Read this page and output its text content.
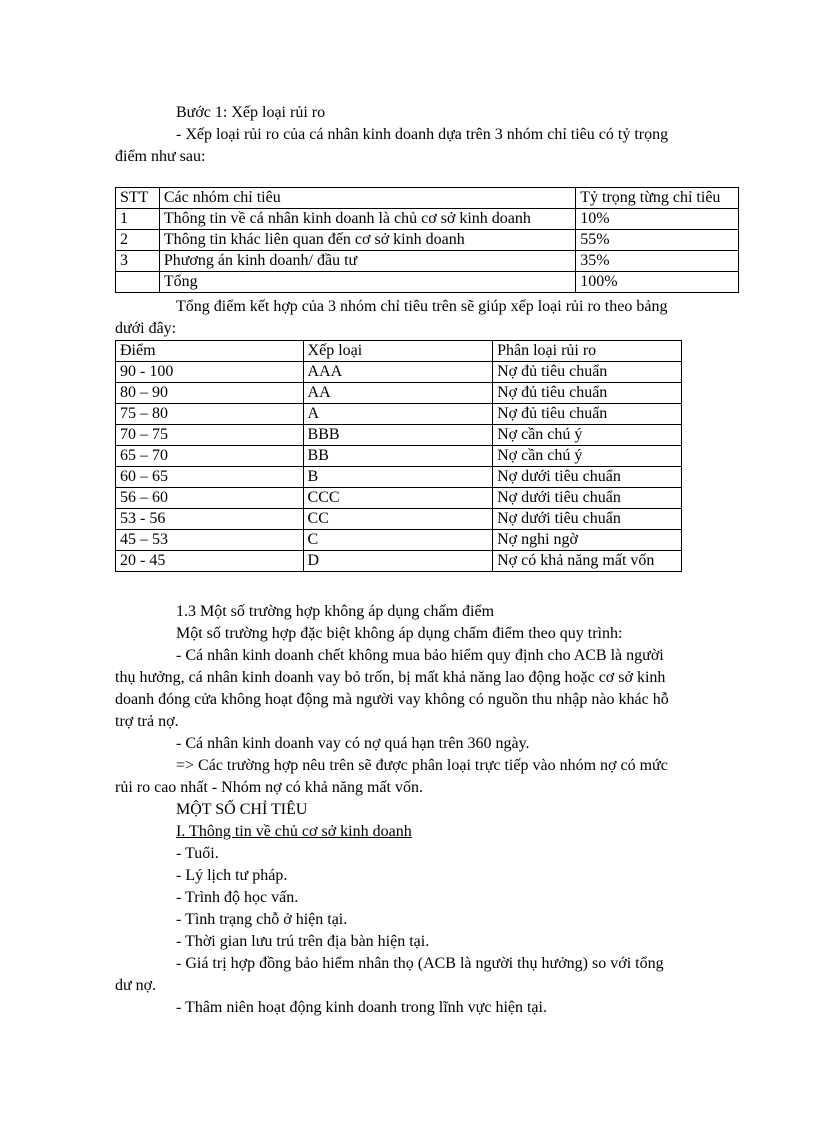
Bước 1: Xếp loại rủi ro

- Xếp loại rủi ro của cá nhân kinh doanh dựa trên 3 nhóm chỉ tiêu có tỷ trọng

điểm như sau:

STT	Các nhóm chỉ tiêu	Tỷ trọng từng chỉ tiêu
1	Thông tin về cá nhân kinh doanh là chủ cơ sở kinh doanh	10%
2	Thông tin khác liên quan đến cơ sở kinh doanh	55%
3	Phương án kinh doanh/ đầu tư	35%
	Tổng	100%

Tổng điểm kết hợp của 3 nhóm chỉ tiêu trên sẽ giúp xếp loại rủi ro theo bảng

dưới đây:

Điểm	Xếp loại	Phân loại rủi ro
90 - 100	AAA	Nợ đủ tiêu chuẩn
80 – 90	AA	Nợ đủ tiêu chuẩn
75 – 80	A	Nợ đủ tiêu chuẩn
70 – 75	BBB	Nợ cần chú ý
65 – 70	BB	Nợ cần chú ý
60 – 65	B	Nợ dưới tiêu chuẩn
56 – 60	CCC	Nợ dưới tiêu chuẩn
53 - 56	CC	Nợ dưới tiêu chuẩn
45 – 53	C	Nợ nghi ngờ
20 - 45	D	Nợ có khả năng mất vốn

1.3 Một số trường hợp không áp dụng chấm điểm

Một số trường hợp đặc biệt không áp dụng chấm điểm theo quy trình:

- Cá nhân kinh doanh chết không mua bảo hiểm quy định cho ACB là người

thụ hưởng, cá nhân kinh doanh vay bỏ trốn, bị mất khả năng lao động hoặc cơ sở kinh

doanh đóng cửa không hoạt động mà người vay không có nguồn thu nhập nào khác hỗ

trợ trả nợ.

- Cá nhân kinh doanh vay có nợ quá hạn trên 360 ngày.

=> Các trường hợp nêu trên sẽ được phân loại trực tiếp vào nhóm nợ có mức

rủi ro cao nhất - Nhóm nợ có khả năng mất vốn.

MỘT SỐ CHỈ TIÊU

I. Thông tin về chủ cơ sở kinh doanh

- Tuổi.

- Lý lịch tư pháp.

- Trình độ học vấn.

- Tình trạng chỗ ở hiện tại.

- Thời gian lưu trú trên địa bàn hiện tại.

- Giá trị hợp đồng bảo hiểm nhân thọ (ACB là người thụ hưởng) so với tổng

dư nợ.

- Thâm niên hoạt động kinh doanh trong lĩnh vực hiện tại.
